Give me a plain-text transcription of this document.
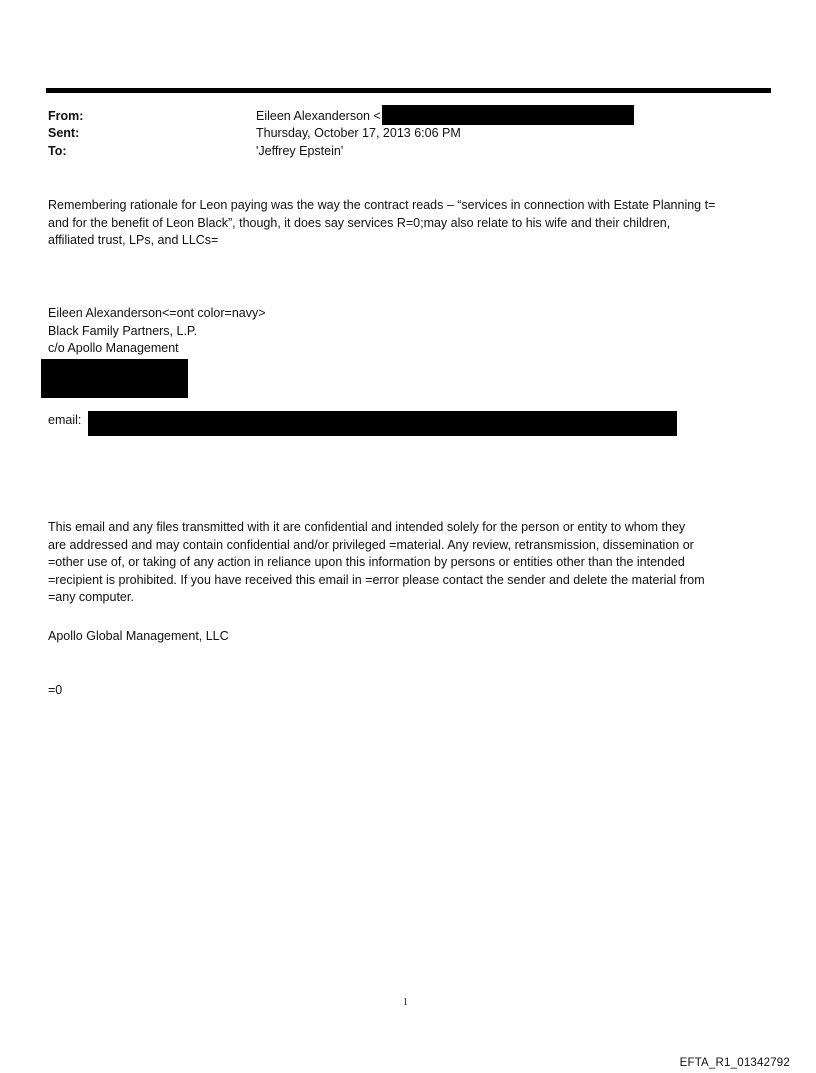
From:	Eileen Alexanderson <
Sent:	Thursday, October 17, 2013 6:06 PM
To:	'Jeffrey Epstein'
Remembering rationale for Leon paying was the way the contract reads – “services in connection with Estate Planning t=
and for the benefit of Leon Black”, though, it does say services R=0;may also relate to his wife and their children,
affiliated trust, LPs, and LLCs=
Eileen Alexanderson<=ont color=navy>
Black Family Partners, L.P.
c/o Apollo Management
email:
This email and any files transmitted with it are confidential and intended solely for the person or entity to whom they
are addressed and may contain confidential and/or privileged =material. Any review, retransmission, dissemination or
=other use of, or taking of any action in reliance upon this information by persons or entities other than the intended
=recipient is prohibited. If you have received this email in =error please contact the sender and delete the material from
=any computer.
Apollo Global Management, LLC
=0
1
EFTA_R1_01342792
